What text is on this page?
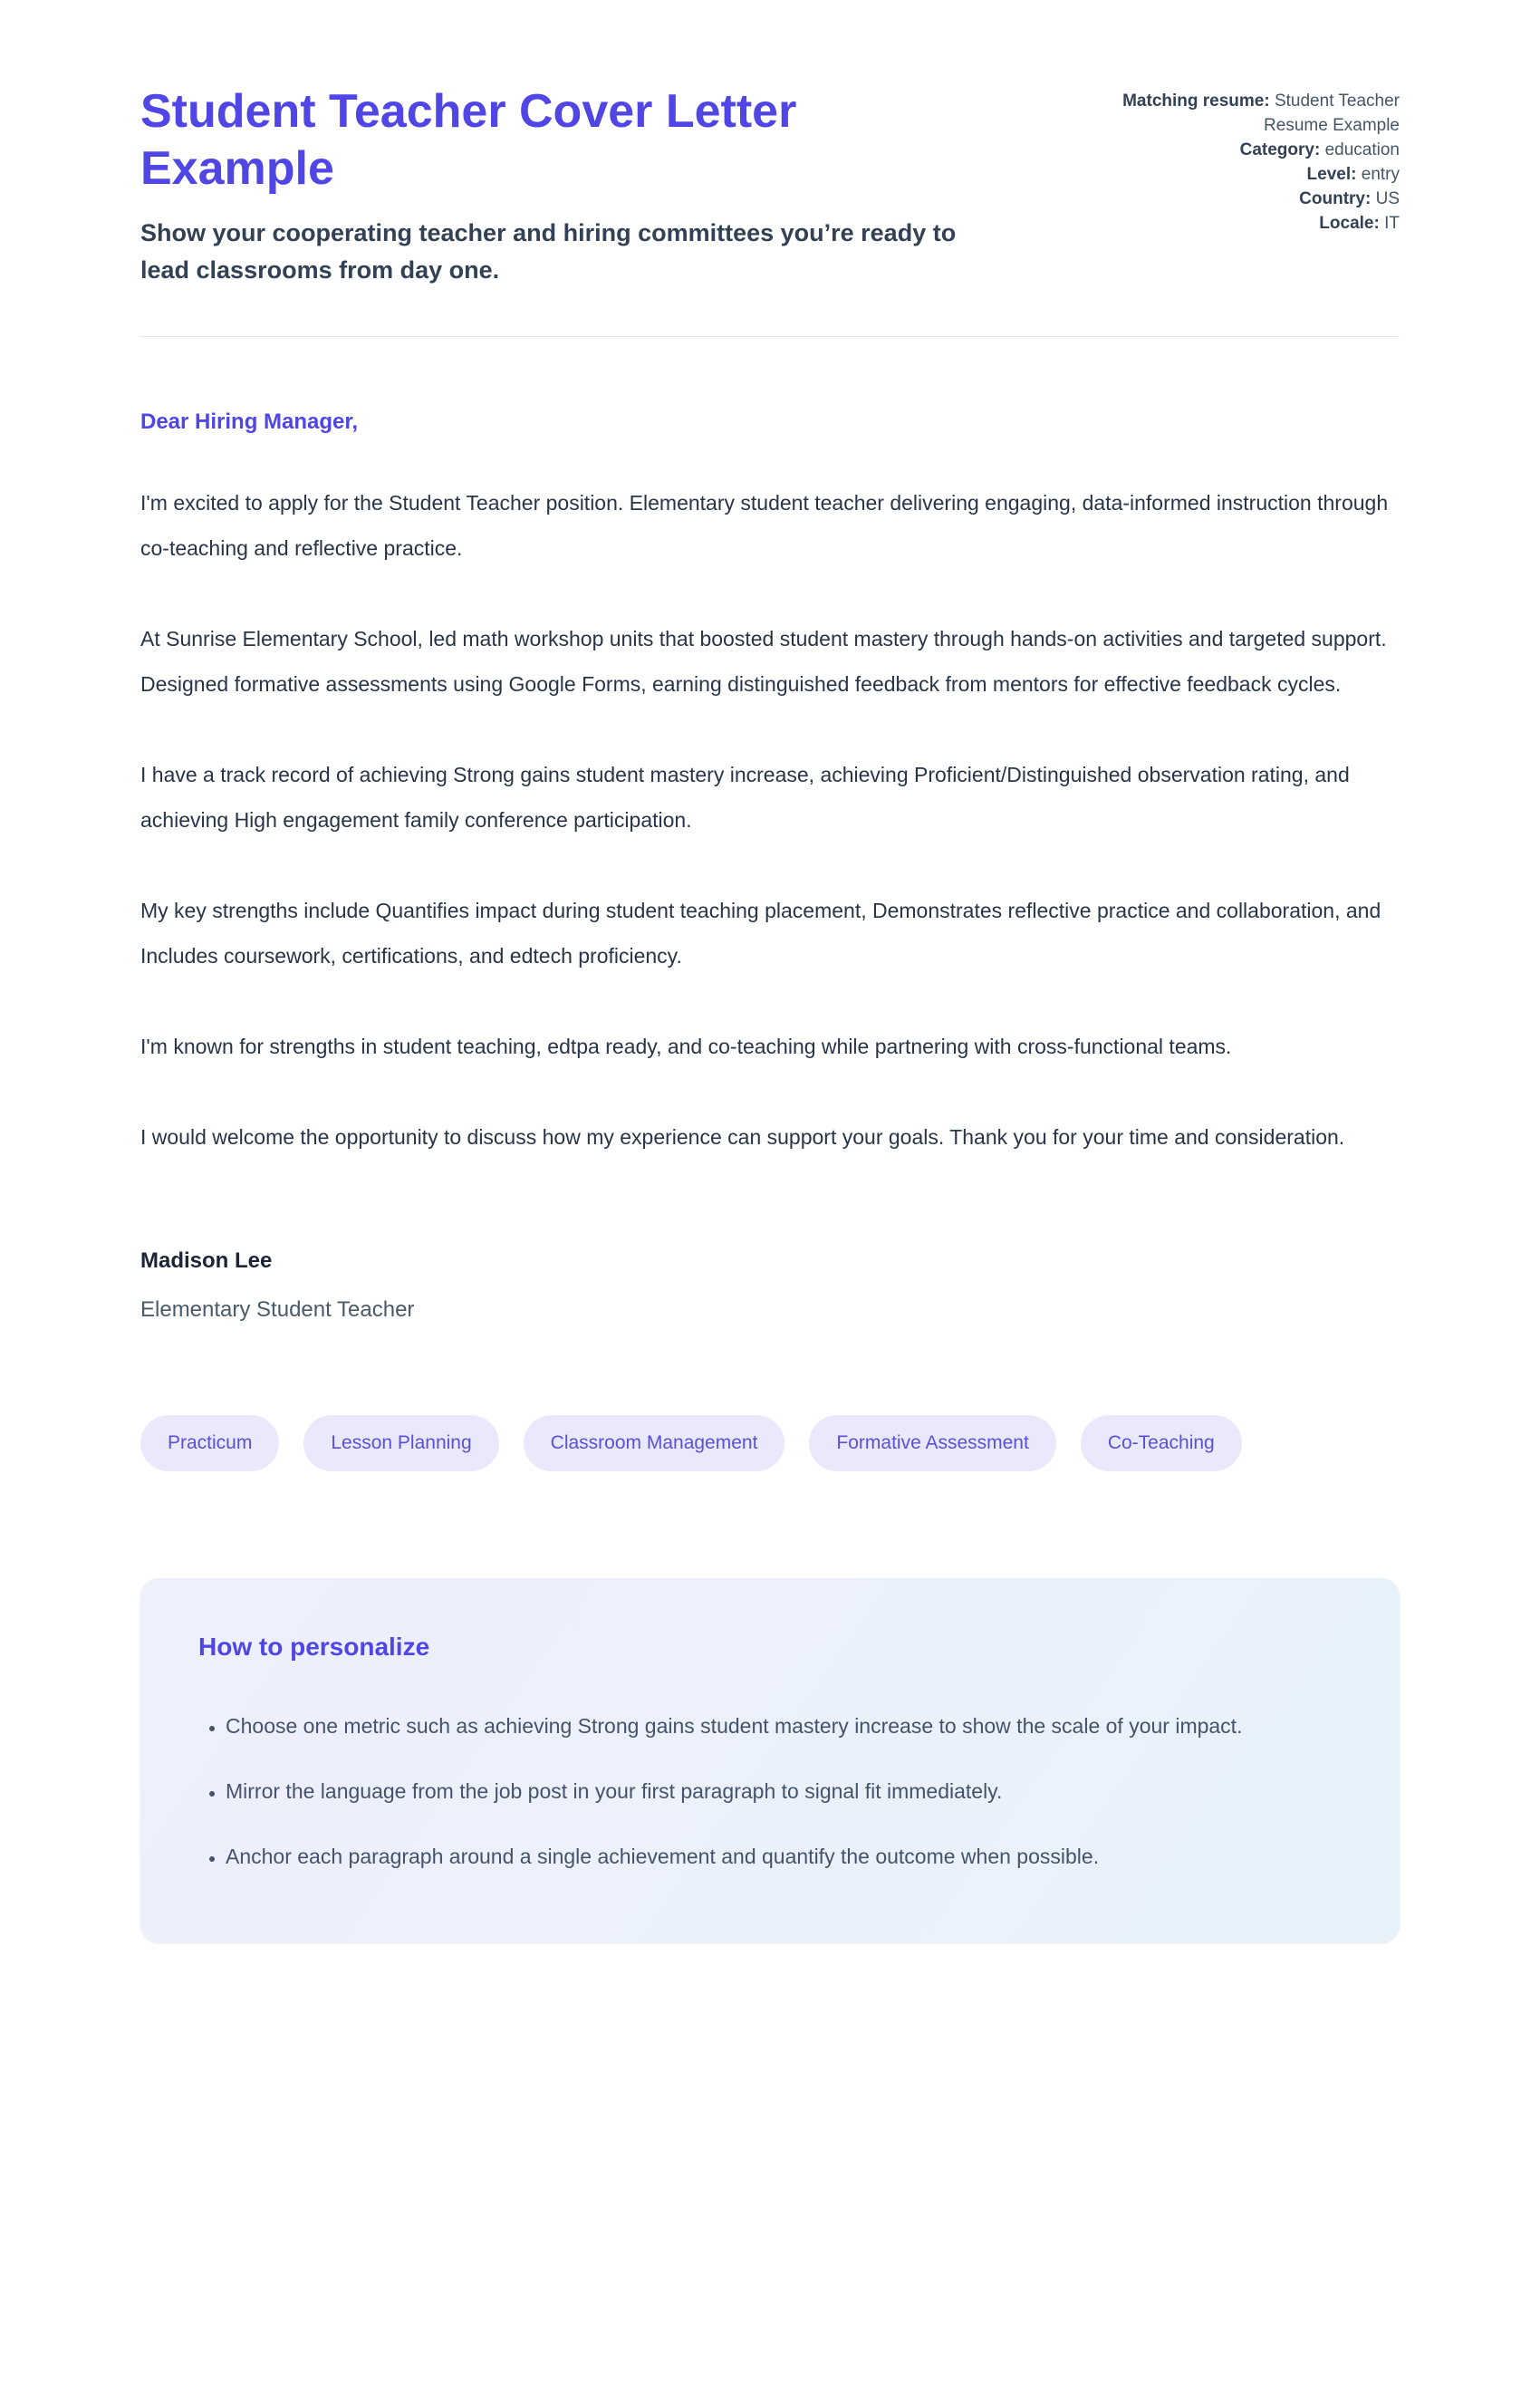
Student Teacher Cover Letter Example
Show your cooperating teacher and hiring committees you’re ready to lead classrooms from day one.
Matching resume: Student Teacher Resume Example
Category: education
Level: entry
Country: US
Locale: IT
Dear Hiring Manager,

I'm excited to apply for the Student Teacher position. Elementary student teacher delivering engaging, data-informed instruction through co-teaching and reflective practice.

At Sunrise Elementary School, led math workshop units that boosted student mastery through hands-on activities and targeted support. Designed formative assessments using Google Forms, earning distinguished feedback from mentors for effective feedback cycles.

I have a track record of achieving Strong gains student mastery increase, achieving Proficient/Distinguished observation rating, and achieving High engagement family conference participation.

My key strengths include Quantifies impact during student teaching placement, Demonstrates reflective practice and collaboration, and Includes coursework, certifications, and edtech proficiency.

I'm known for strengths in student teaching, edtpa ready, and co-teaching while partnering with cross-functional teams.

I would welcome the opportunity to discuss how my experience can support your goals. Thank you for your time and consideration.

Madison Lee
Elementary Student Teacher
Practicum	Lesson Planning	Classroom Management	Formative Assessment	Co-Teaching
How to personalize
• Choose one metric such as achieving Strong gains student mastery increase to show the scale of your impact.
• Mirror the language from the job post in your first paragraph to signal fit immediately.
• Anchor each paragraph around a single achievement and quantify the outcome when possible.
